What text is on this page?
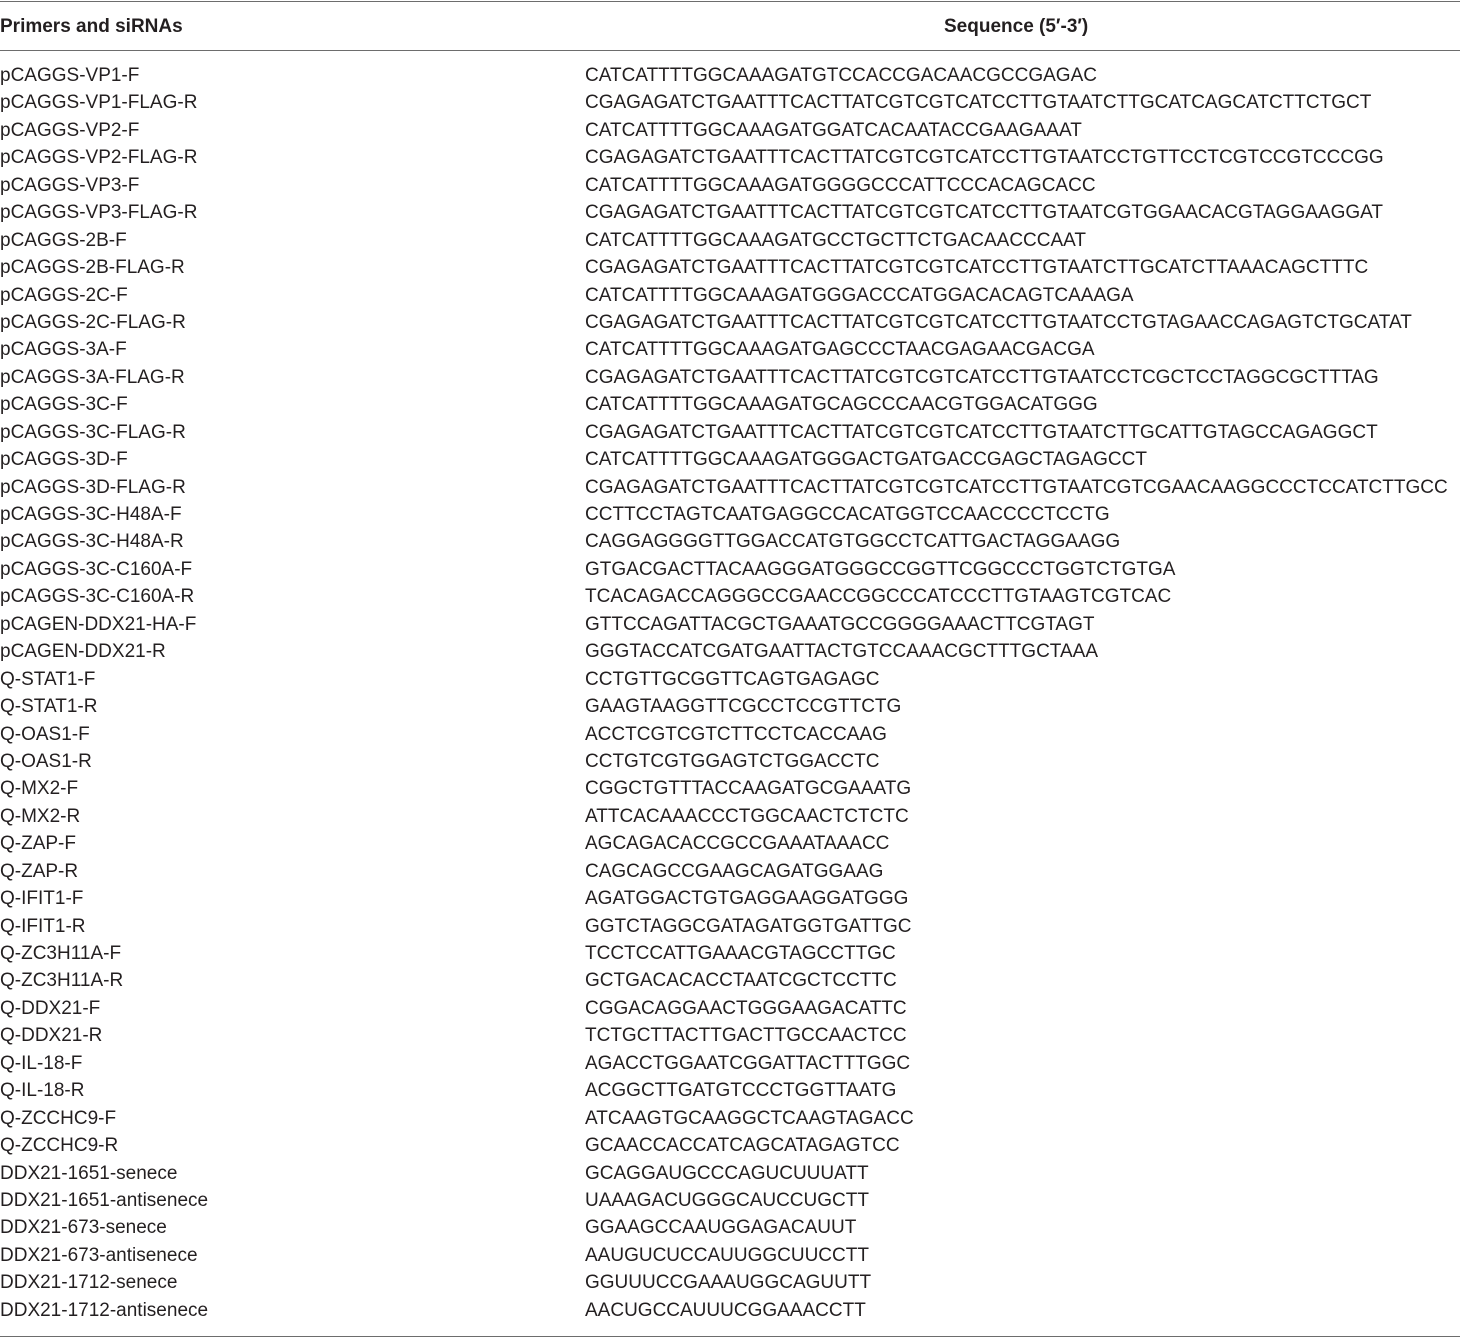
Primers and siRNAs	Sequence (5′-3′)
pCAGGS-VP1-F	CATCATTTTGGCAAAGATGTCCACCGACAACGCCGAGAC
pCAGGS-VP1-FLAG-R	CGAGAGATCTGAATTTCACTTATCGTCGTCATCCTTGTAATCTTGCATCAGCATCTTCTGCT
pCAGGS-VP2-F	CATCATTTTGGCAAAGATGGATCACAATACCGAAGAAAT
pCAGGS-VP2-FLAG-R	CGAGAGATCTGAATTTCACTTATCGTCGTCATCCTTGTAATCCTGTTCCTCGTCCGTCCCGG
pCAGGS-VP3-F	CATCATTTTGGCAAAGATGGGGCCCATTCCCACAGCACC
pCAGGS-VP3-FLAG-R	CGAGAGATCTGAATTTCACTTATCGTCGTCATCCTTGTAATCGTGGAACACGTAGGAAGGAT
pCAGGS-2B-F	CATCATTTTGGCAAAGATGCCTGCTTCTGACAACCCAAT
pCAGGS-2B-FLAG-R	CGAGAGATCTGAATTTCACTTATCGTCGTCATCCTTGTAATCTTGCATCTTAAACAGCTTTC
pCAGGS-2C-F	CATCATTTTGGCAAAGATGGGACCCATGGACACAGTCAAAGA
pCAGGS-2C-FLAG-R	CGAGAGATCTGAATTTCACTTATCGTCGTCATCCTTGTAATCCTGTAGAACCAGAGTCTGCATAT
pCAGGS-3A-F	CATCATTTTGGCAAAGATGAGCCCTAACGAGAACGACGA
pCAGGS-3A-FLAG-R	CGAGAGATCTGAATTTCACTTATCGTCGTCATCCTTGTAATCCTCGCTCCTAGGCGCTTTAG
pCAGGS-3C-F	CATCATTTTGGCAAAGATGCAGCCCAACGTGGACATGGG
pCAGGS-3C-FLAG-R	CGAGAGATCTGAATTTCACTTATCGTCGTCATCCTTGTAATCTTGCATTGTAGCCAGAGGCT
pCAGGS-3D-F	CATCATTTTGGCAAAGATGGGACTGATGACCGAGCTAGAGCCT
pCAGGS-3D-FLAG-R	CGAGAGATCTGAATTTCACTTATCGTCGTCATCCTTGTAATCGTCGAACAAGGCCCTCCATCTTGCC
pCAGGS-3C-H48A-F	CCTTCCTAGTCAATGAGGCCACATGGTCCAACCCCTCCTG
pCAGGS-3C-H48A-R	CAGGAGGGGTTGGACCATGTGGCCTCATTGACTAGGAAGG
pCAGGS-3C-C160A-F	GTGACGACTTACAAGGGATGGGCCGGTTCGGCCCTGGTCTGTGA
pCAGGS-3C-C160A-R	TCACAGACCAGGGCCGAACCGGCCCATCCCTTGTAAGTCGTCAC
pCAGEN-DDX21-HA-F	GTTCCAGATTACGCTGAAATGCCGGGGAAACTTCGTAGT
pCAGEN-DDX21-R	GGGTACCATCGATGAATTACTGTCCAAACGCTTTGCTAAA
Q-STAT1-F	CCTGTTGCGGTTCAGTGAGAGC
Q-STAT1-R	GAAGTAAGGTTCGCCTCCGTTCTG
Q-OAS1-F	ACCTCGTCGTCTTCCTCACCAAG
Q-OAS1-R	CCTGTCGTGGAGTCTGGACCTC
Q-MX2-F	CGGCTGTTTACCAAGATGCGAAATG
Q-MX2-R	ATTCACAAACCCTGGCAACTCTCTC
Q-ZAP-F	AGCAGACACCGCCGAAATAAACC
Q-ZAP-R	CAGCAGCCGAAGCAGATGGAAG
Q-IFIT1-F	AGATGGACTGTGAGGAAGGATGGG
Q-IFIT1-R	GGTCTAGGCGATAGATGGTGATTGC
Q-ZC3H11A-F	TCCTCCATTGAAACGTAGCCTTGC
Q-ZC3H11A-R	GCTGACACACCTAATCGCTCCTTC
Q-DDX21-F	CGGACAGGAACTGGGAAGACATTC
Q-DDX21-R	TCTGCTTACTTGACTTGCCAACTCC
Q-IL-18-F	AGACCTGGAATCGGATTACTTTGGC
Q-IL-18-R	ACGGCTTGATGTCCCTGGTTAATG
Q-ZCCHC9-F	ATCAAGTGCAAGGCTCAAGTAGACC
Q-ZCCHC9-R	GCAACCACCATCAGCATAGAGTCC
DDX21-1651-senece	GCAGGAUGCCCAGUCUUUATT
DDX21-1651-antisenece	UAAAGACUGGGCAUCCUGCTT
DDX21-673-senece	GGAAGCCAAUGGAGACAUUT
DDX21-673-antisenece	AAUGUCUCCAUUGGCUUCCTT
DDX21-1712-senece	GGUUUCCGAAAUGGCAGUUTT
DDX21-1712-antisenece	AACUGCCAUUUCGGAAACCTT
